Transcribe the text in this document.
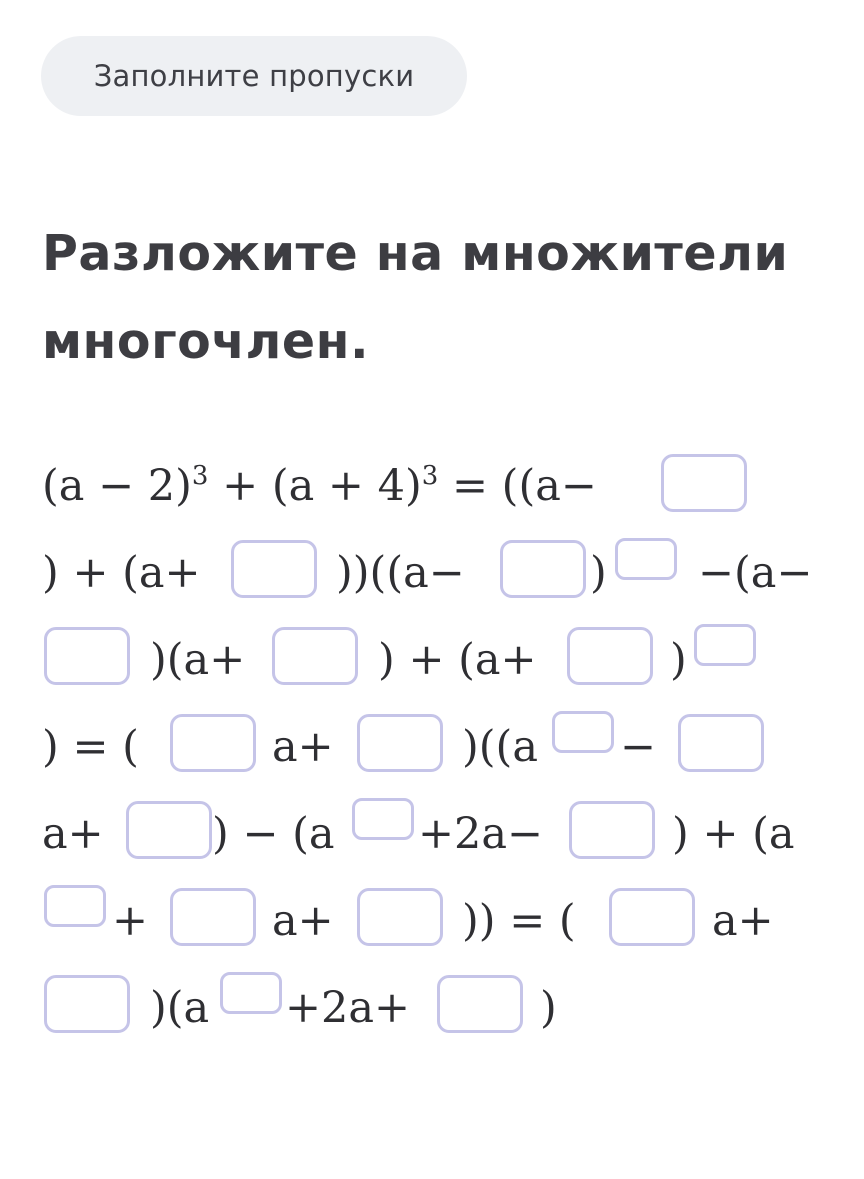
Заполните пропуски
Разложите на множители
многочлен.
$(a - 2)^3 + (a + 4)^3 = ((a-$
) + (a+	))((a−	) −(a−
)(a+	) + (a+	)
) = (	a+	)((a −
a+	) − (a +2a−	) + (a
+	a+	)) = (	a+
)(a +2a+	)
